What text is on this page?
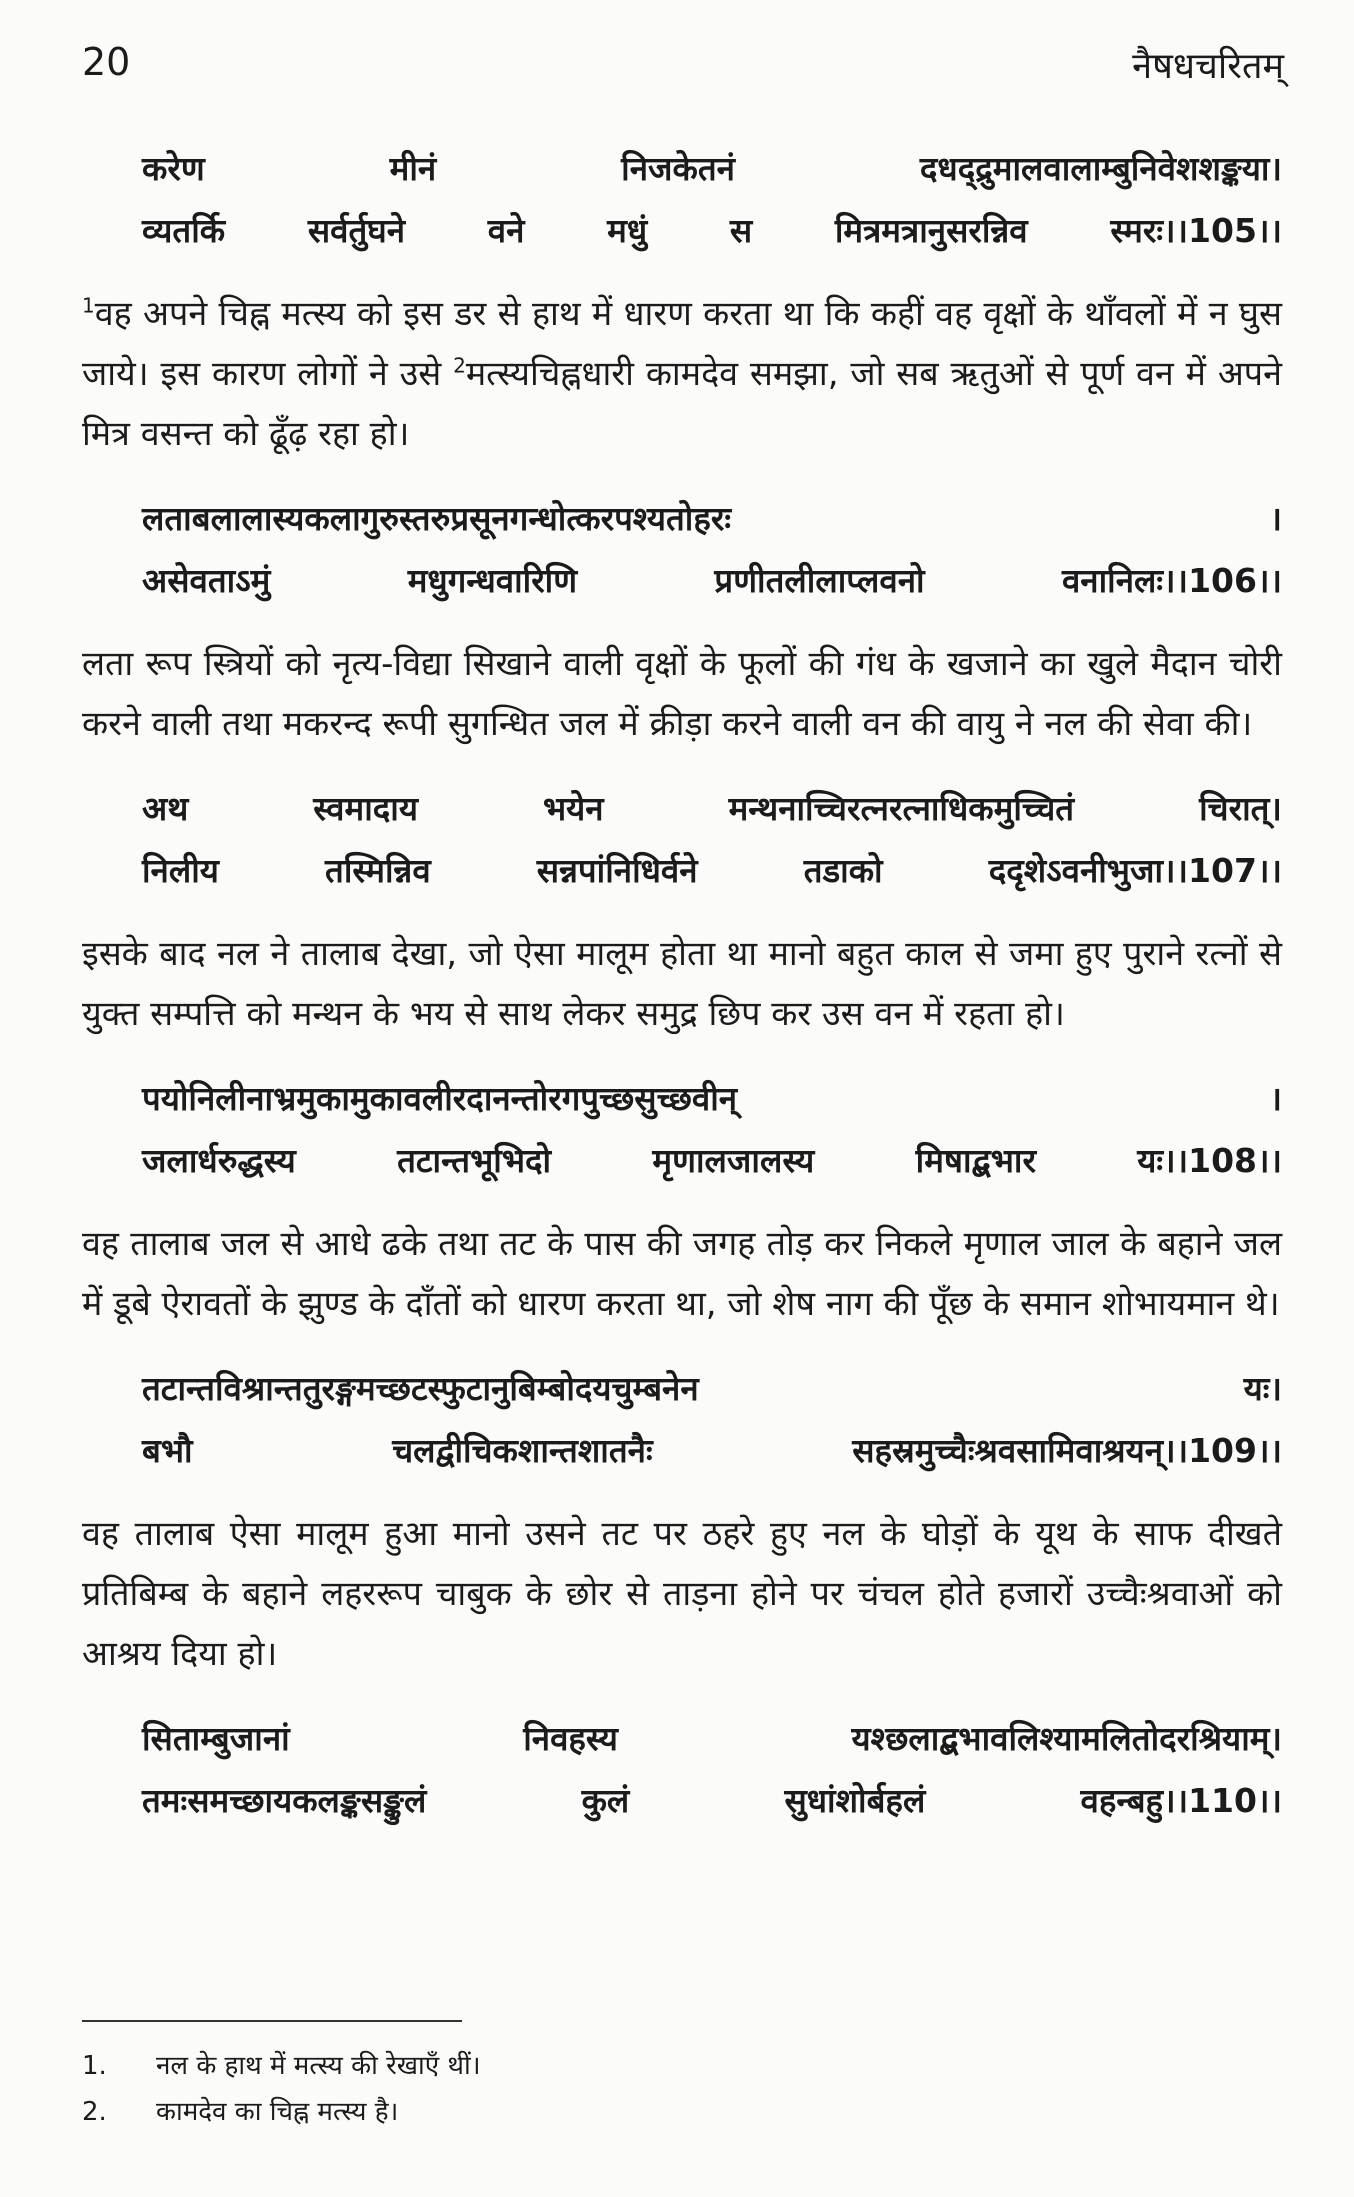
20	नैषधचरितम्
करेण	मीनं	निजकेतनं	दधद्द्रुमालवालाम्बुनिवेशशङ्कया।
व्यतर्कि	सर्वर्तुघने	वने	मधुं	स	मित्रमत्रानुसरन्निव	स्मरः।।105।।

$^1$वह अपने चिह्न मत्स्य को इस डर से हाथ में धारण करता था कि कहीं वह वृक्षों के थाँवलों में न घुस जाये। इस कारण लोगों ने उसे $^2$मत्स्यचिह्नधारी कामदेव समझा, जो सब ऋतुओं से पूर्ण वन में अपने मित्र वसन्त को ढूँढ़ रहा हो।

लताबलालास्यकलागुरुस्तरुप्रसूनगन्धोत्करपश्यतोहरः	।
असेवताऽमुं	मधुगन्धवारिणि	प्रणीतलीलाप्लवनो	वनानिलः।।106।।

लता रूप स्त्रियों को नृत्य-विद्या सिखाने वाली वृक्षों के फूलों की गंध के खजाने का खुले मैदान चोरी करने वाली तथा मकरन्द रूपी सुगन्धित जल में क्रीड़ा करने वाली वन की वायु ने नल की सेवा की।

अथ	स्वमादाय	भयेन	मन्थनाच्चिरत्नरत्नाधिकमुच्चितं	चिरात्।
निलीय	तस्मिन्निव	सन्नपांनिधिर्वने	तडाको	ददृशेऽवनीभुजा।।107।।

इसके बाद नल ने तालाब देखा, जो ऐसा मालूम होता था मानो बहुत काल से जमा हुए पुराने रत्नों से युक्त सम्पत्ति को मन्थन के भय से साथ लेकर समुद्र छिप कर उस वन में रहता हो।

पयोनिलीनाभ्रमुकामुकावलीरदानन्तोरगपुच्छसुच्छवीन्	।
जलार्धरुद्धस्य	तटान्तभूभिदो	मृणालजालस्य	मिषाद्बभार	यः।।108।।

वह तालाब जल से आधे ढके तथा तट के पास की जगह तोड़ कर निकले मृणाल जाल के बहाने जल में डूबे ऐरावतों के झुण्ड के दाँतों को धारण करता था, जो शेष नाग की पूँछ के समान शोभायमान थे।

तटान्तविश्रान्ततुरङ्गमच्छटस्फुटानुबिम्बोदयचुम्बनेन	यः।
बभौ	चलद्वीचिकशान्तशातनैः	सहस्रमुच्चैःश्रवसामिवाश्रयन्।।109।।

वह तालाब ऐसा मालूम हुआ मानो उसने तट पर ठहरे हुए नल के घोड़ों के यूथ के साफ दीखते प्रतिबिम्ब के बहाने लहररूप चाबुक के छोर से ताड़ना होने पर चंचल होते हजारों उच्चैःश्रवाओं को आश्रय दिया हो।

सिताम्बुजानां	निवहस्य	यश्छलाद्बभावलिश्यामलितोदरश्रियाम्।
तमःसमच्छायकलङ्कसङ्कुलं	कुलं	सुधांशोर्बहलं	वहन्बहु।।110।।
1.	नल के हाथ में मत्स्य की रेखाएँ थीं।
2.	कामदेव का चिह्न मत्स्य है।
